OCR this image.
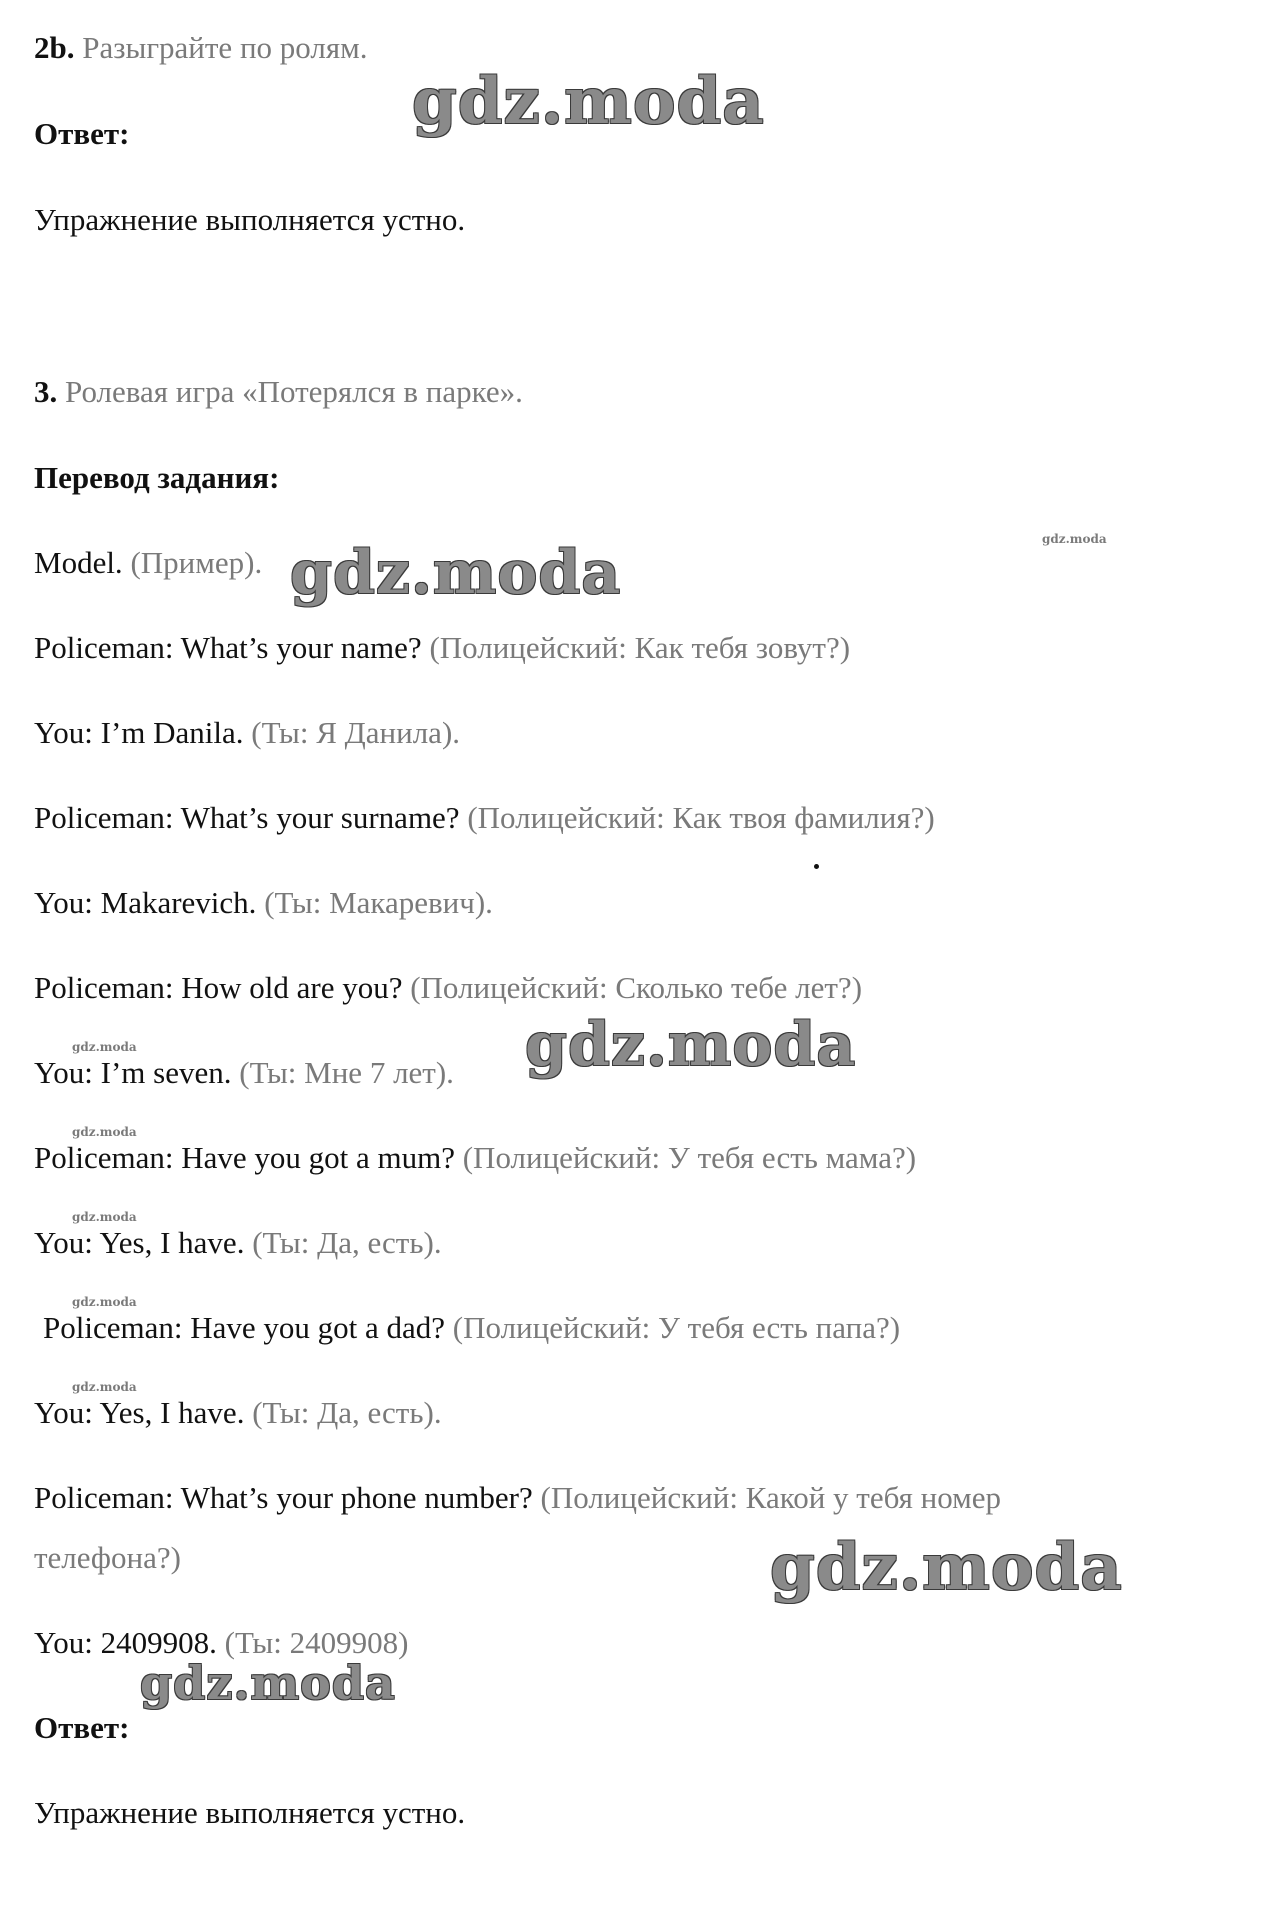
2b. Разыграйте по ролям.
Ответ:
Упражнение выполняется устно.
3. Ролевая игра «Потерялся в парке».
Перевод задания:
Model. (Пример).
Policeman: What’s your name? (Полицейский: Как тебя зовут?)
You: I’m Danila. (Ты: Я Данила).
Policeman: What’s your surname? (Полицейский: Как твоя фамилия?)
You: Makarevich. (Ты: Макаревич).
Policeman: How old are you? (Полицейский: Сколько тебе лет?)
You: I’m seven. (Ты: Мне 7 лет).
Policeman: Have you got a mum? (Полицейский: У тебя есть мама?)
You: Yes, I have. (Ты: Да, есть).
Policeman: Have you got a dad? (Полицейский: У тебя есть папа?)
You: Yes, I have. (Ты: Да, есть).
Policeman: What’s your phone number? (Полицейский: Какой у тебя номер
телефона?)
You: 2409908. (Ты: 2409908)
Ответ:
Упражнение выполняется устно.
gdz.moda
gdz.moda
gdz.moda
gdz.moda
gdz.moda
gdz.moda
gdz.moda
gdz.moda
gdz.moda
gdz.moda
gdz.moda
